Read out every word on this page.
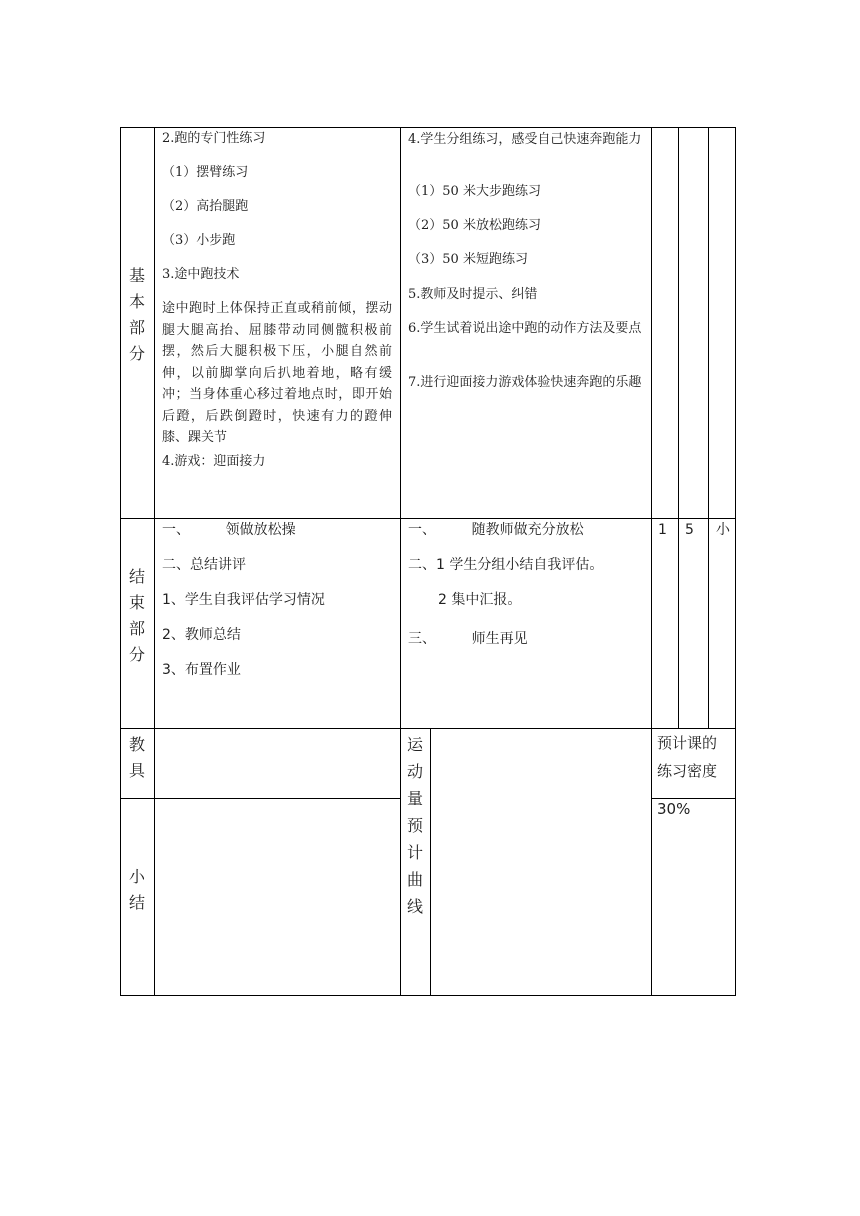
基
本
部
分
2.跑的专门性练习
（1）摆臂练习
（2）高抬腿跑
（3）小步跑
3.途中跑技术
途中跑时上体保持正直或稍前倾，摆动腿大腿高抬、屈膝带动同侧髋积极前摆，然后大腿积极下压，小腿自然前伸，以前脚掌向后扒地着地，略有缓冲；当身体重心移过着地点时，即开始后蹬，后跌倒蹬时，快速有力的蹬伸膝、踝关节
4.游戏：迎面接力
4.学生分组练习，感受自己快速奔跑能力
（1）50 米大步跑练习
（2）50 米放松跑练习
（3）50 米短跑练习
5.教师及时提示、纠错
6.学生试着说出途中跑的动作方法及要点
7.进行迎面接力游戏体验快速奔跑的乐趣
结
束
部
分
一、        领做放松操
二、总结讲评
1、学生自我评估学习情况
2、教师总结
3、布置作业
一、        随教师做充分放松
二、1 学生分组小结自我评估。
2 集中汇报。
三、        师生再见
1 5 小
教
具
小
结
运
动
量
预
计
曲
线
预计课的
练习密度
30%
